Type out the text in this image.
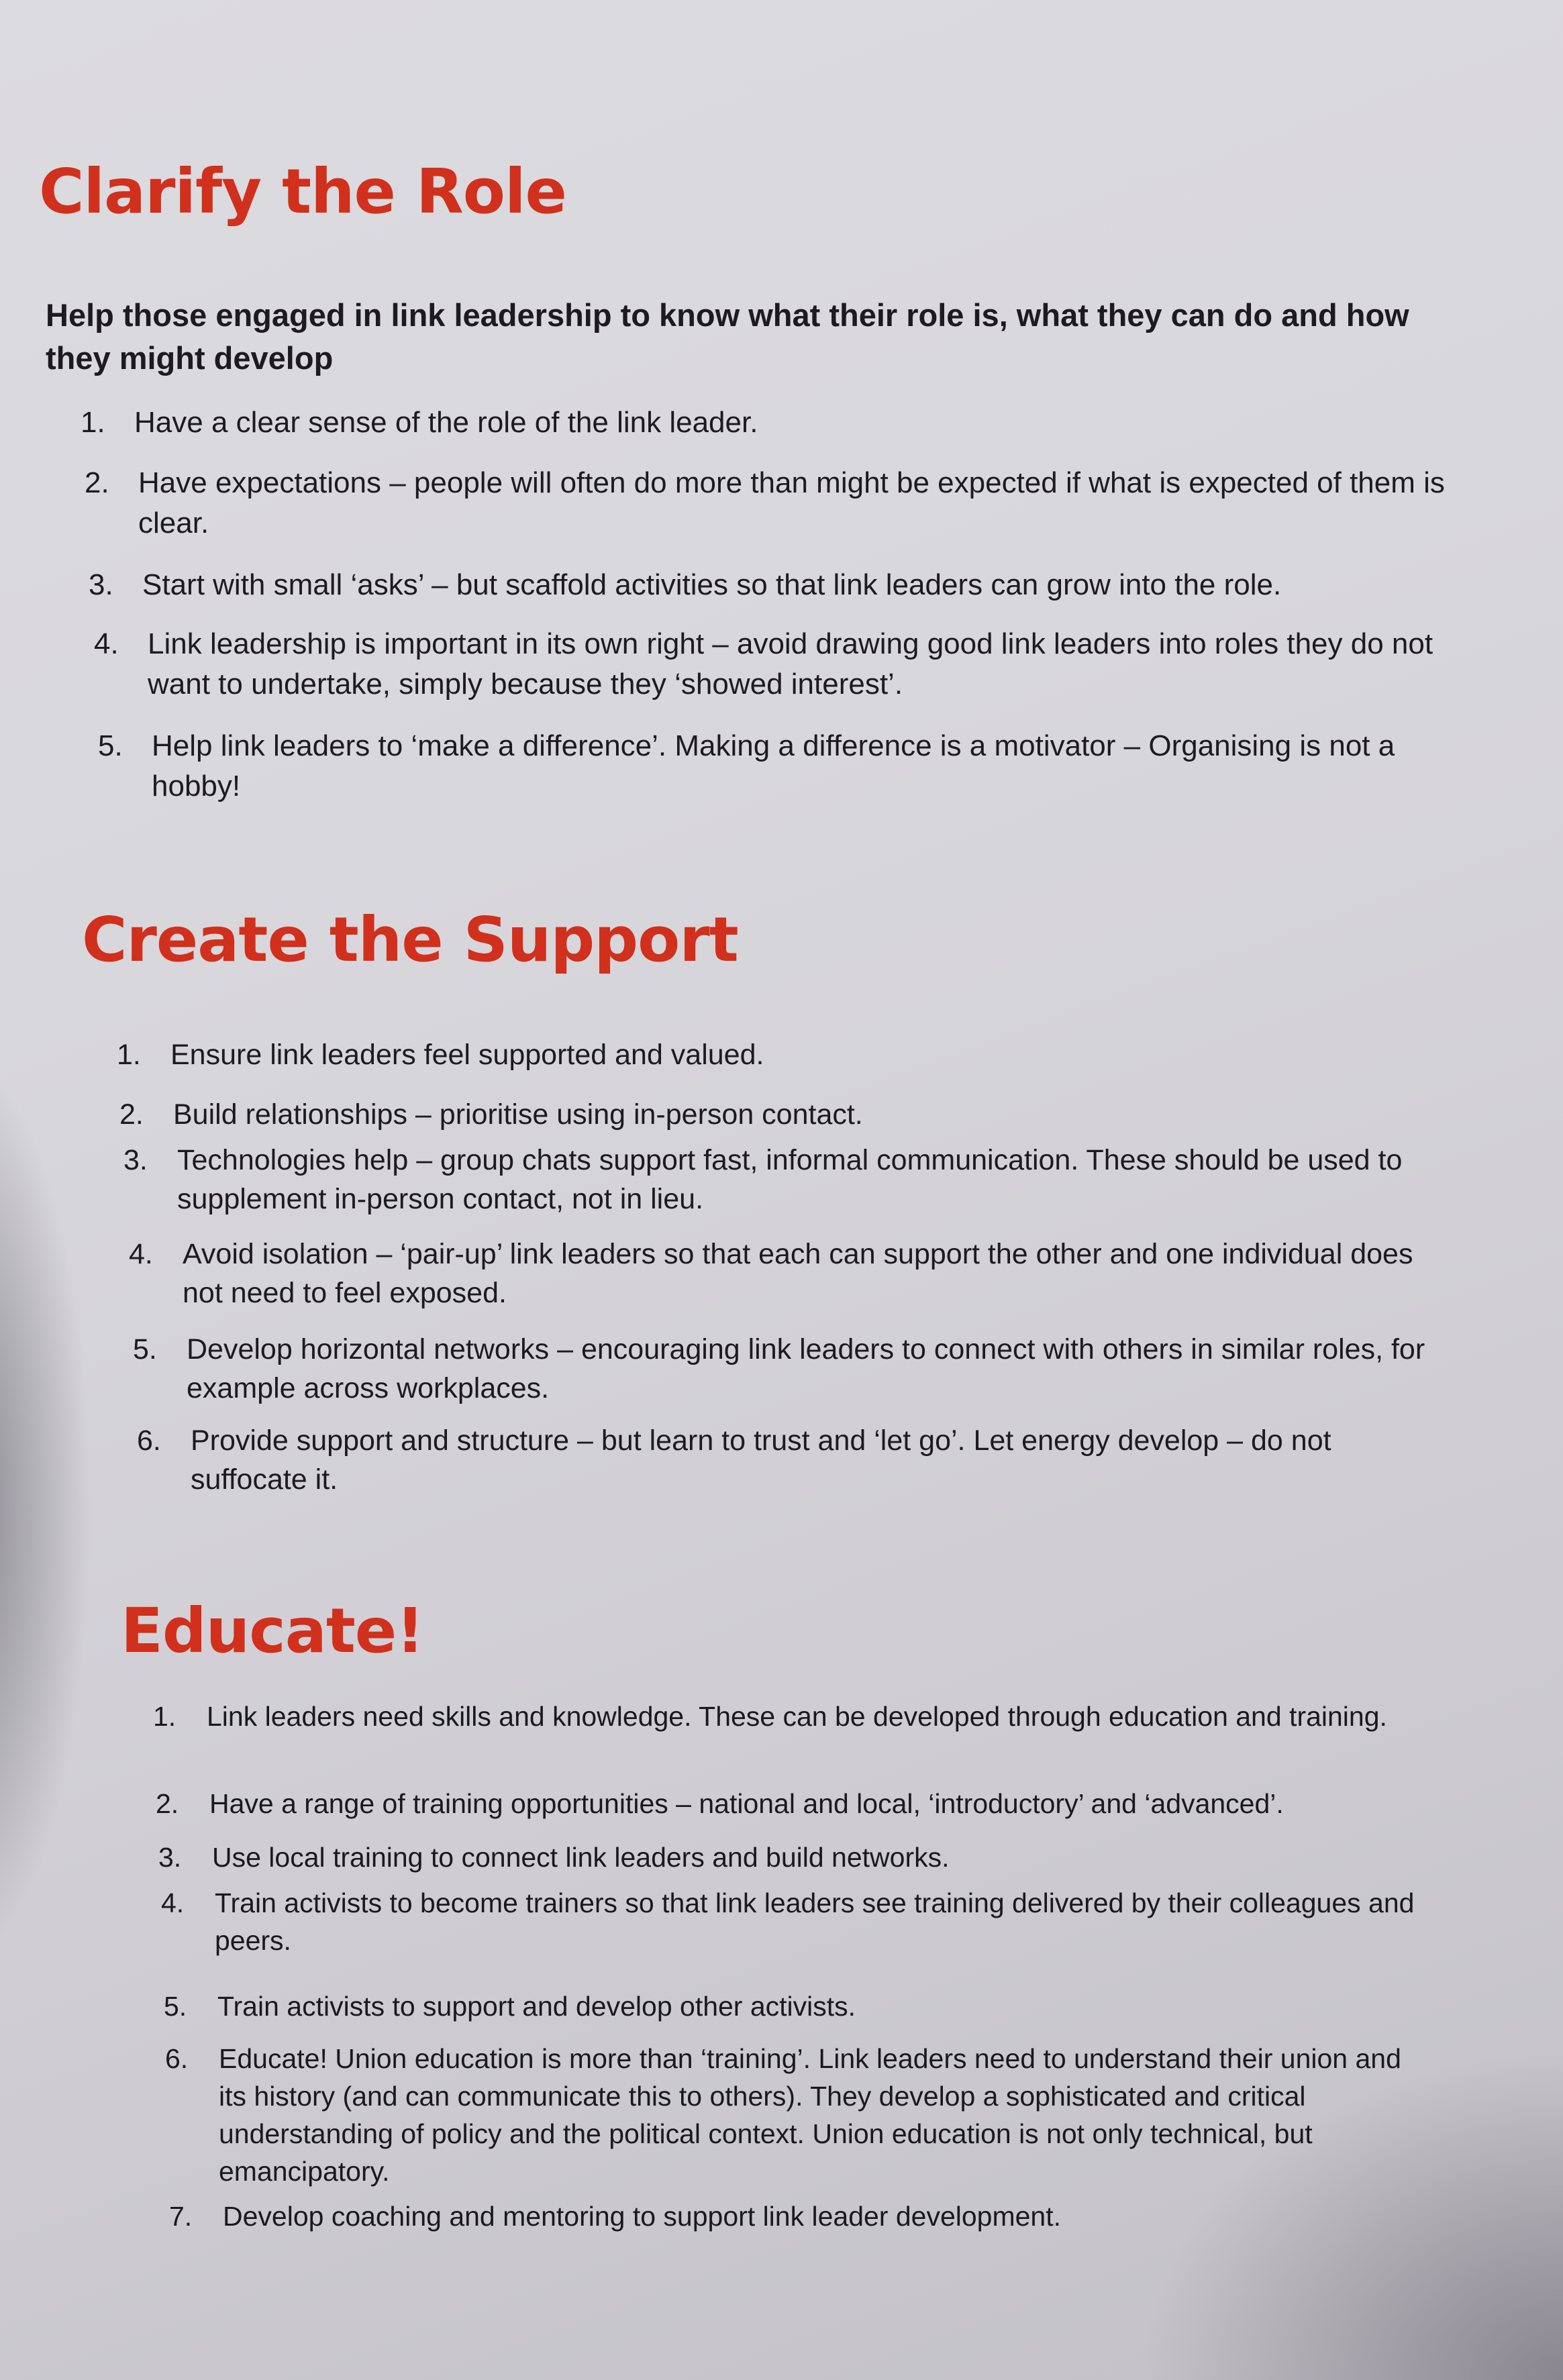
Clarify the Role

Help those engaged in link leadership to know what their role is, what they can do and how they might develop

1. Have a clear sense of the role of the link leader.
2. Have expectations – people will often do more than might be expected if what is expected of them is clear.
3. Start with small ‘asks’ – but scaffold activities so that link leaders can grow into the role.
4. Link leadership is important in its own right – avoid drawing good link leaders into roles they do not want to undertake, simply because they ‘showed interest’.
5. Help link leaders to ‘make a difference’. Making a difference is a motivator – Organising is not a hobby!
Create the Support
1.	Ensure link leaders feel supported and valued.
2.	Build relationships – prioritise using in-person contact.
3.	Technologies help – group chats support fast, informal communication. These should be used to supplement in-person contact, not in lieu.
4.	Avoid isolation – ‘pair-up’ link leaders so that each can support the other and one individual does not need to feel exposed.
5.	Develop horizontal networks – encouraging link leaders to connect with others in similar roles, for example across workplaces.
6.	Provide support and structure – but learn to trust and ‘let go’. Let energy develop – do not suffocate it.
Educate!
1.	Link leaders need skills and knowledge. These can be developed through education and training.
2.	Have a range of training opportunities – national and local, ‘introductory’ and ‘advanced’.
3.	Use local training to connect link leaders and build networks.
4.	Train activists to become trainers so that link leaders see training delivered by their colleagues and peers.
5.	Train activists to support and develop other activists.
6.	Educate! Union education is more than ‘training’. Link leaders need to understand their union and its history (and can communicate this to others). They develop a sophisticated and critical understanding of policy and the political context. Union education is not only technical, but emancipatory.
7.	Develop coaching and mentoring to support link leader development.
